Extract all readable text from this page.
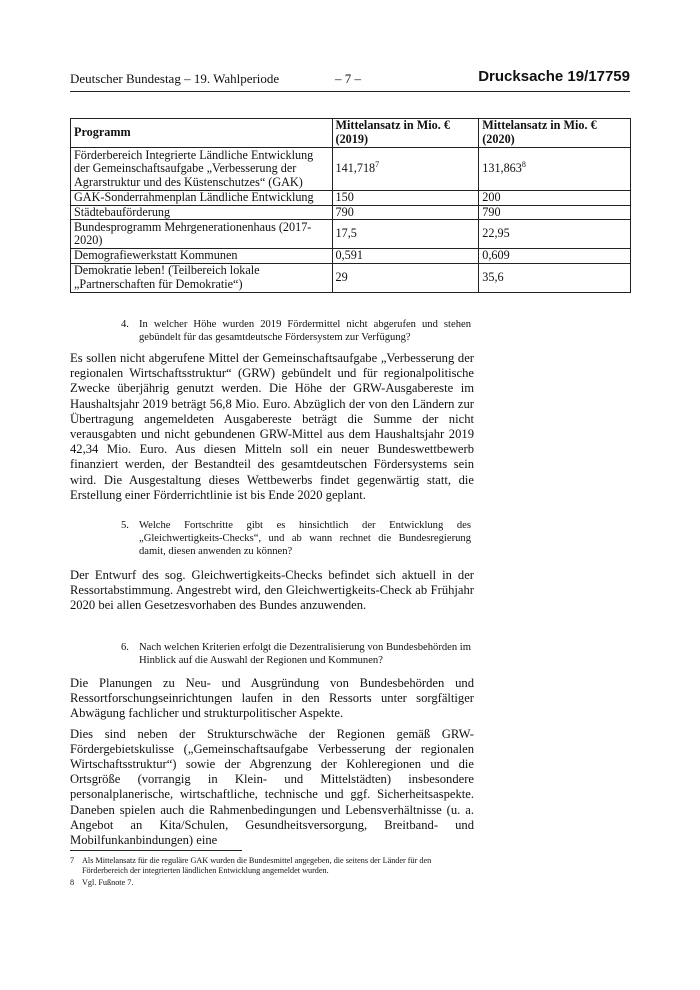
Deutscher Bundestag – 19. Wahlperiode	– 7 –	Drucksache 19/17759
Programm	Mittelansatz in Mio. € (2019)	Mittelansatz in Mio. € (2020)
Förderbereich Integrierte Ländliche Entwicklung der Gemeinschaftsaufgabe „Verbesserung der Agrarstruktur und des Küstenschutzes“ (GAK)	141,718$^7$	131,863$^8$
GAK-Sonderrahmenplan Ländliche Entwicklung	150	200
Städtebauförderung	790	790
Bundesprogramm Mehrgenerationenhaus (2017-2020)	17,5	22,95
Demografiewerkstatt Kommunen	0,591	0,609
Demokratie leben! (Teilbereich lokale „Partnerschaften für Demokratie“)	29	35,6
4. In welcher Höhe wurden 2019 Fördermittel nicht abgerufen und stehen gebündelt für das gesamtdeutsche Fördersystem zur Verfügung?

Es sollen nicht abgerufene Mittel der Gemeinschaftsaufgabe „Verbesserung der regionalen Wirtschaftsstruktur“ (GRW) gebündelt und für regionalpolitische Zwecke überjährig genutzt werden. Die Höhe der GRW-Ausgabereste im Haushaltsjahr 2019 beträgt 56,8 Mio. Euro. Abzüglich der von den Ländern zur Übertragung angemeldeten Ausgabereste beträgt die Summe der nicht verausgabten und nicht gebundenen GRW-Mittel aus dem Haushaltsjahr 2019 42,34 Mio. Euro. Aus diesen Mitteln soll ein neuer Bundeswettbewerb finanziert werden, der Bestandteil des gesamtdeutschen Fördersystems sein wird. Die Ausgestaltung dieses Wettbewerbs findet gegenwärtig statt, die Erstellung einer Förderrichtlinie ist bis Ende 2020 geplant.

5. Welche Fortschritte gibt es hinsichtlich der Entwicklung des „Gleichwertigkeits-Checks“, und ab wann rechnet die Bundesregierung damit, diesen anwenden zu können?

Der Entwurf des sog. Gleichwertigkeits-Checks befindet sich aktuell in der Ressortabstimmung. Angestrebt wird, den Gleichwertigkeits-Check ab Frühjahr 2020 bei allen Gesetzesvorhaben des Bundes anzuwenden.

6. Nach welchen Kriterien erfolgt die Dezentralisierung von Bundesbehörden im Hinblick auf die Auswahl der Regionen und Kommunen?

Die Planungen zu Neu- und Ausgründung von Bundesbehörden und Ressortforschungseinrichtungen laufen in den Ressorts unter sorgfältiger Abwägung fachlicher und strukturpolitischer Aspekte.

Dies sind neben der Strukturschwäche der Regionen gemäß GRW-Fördergebietskulisse („Gemeinschaftsaufgabe Verbesserung der regionalen Wirtschaftsstruktur“) sowie der Abgrenzung der Kohleregionen und die Ortsgröße (vorrangig in Klein- und Mittelstädten) insbesondere personalplanerische, wirtschaftliche, technische und ggf. Sicherheitsaspekte. Daneben spielen auch die Rahmenbedingungen und Lebensverhältnisse (u. a. Angebot an Kita/Schulen, Gesundheitsversorgung, Breitband- und Mobilfunkanbindungen) eine

7 Als Mittelansatz für die reguläre GAK wurden die Bundesmittel angegeben, die seitens der Länder für den Förderbereich der integrierten ländlichen Entwicklung angemeldet wurden.
8 Vgl. Fußnote 7.
